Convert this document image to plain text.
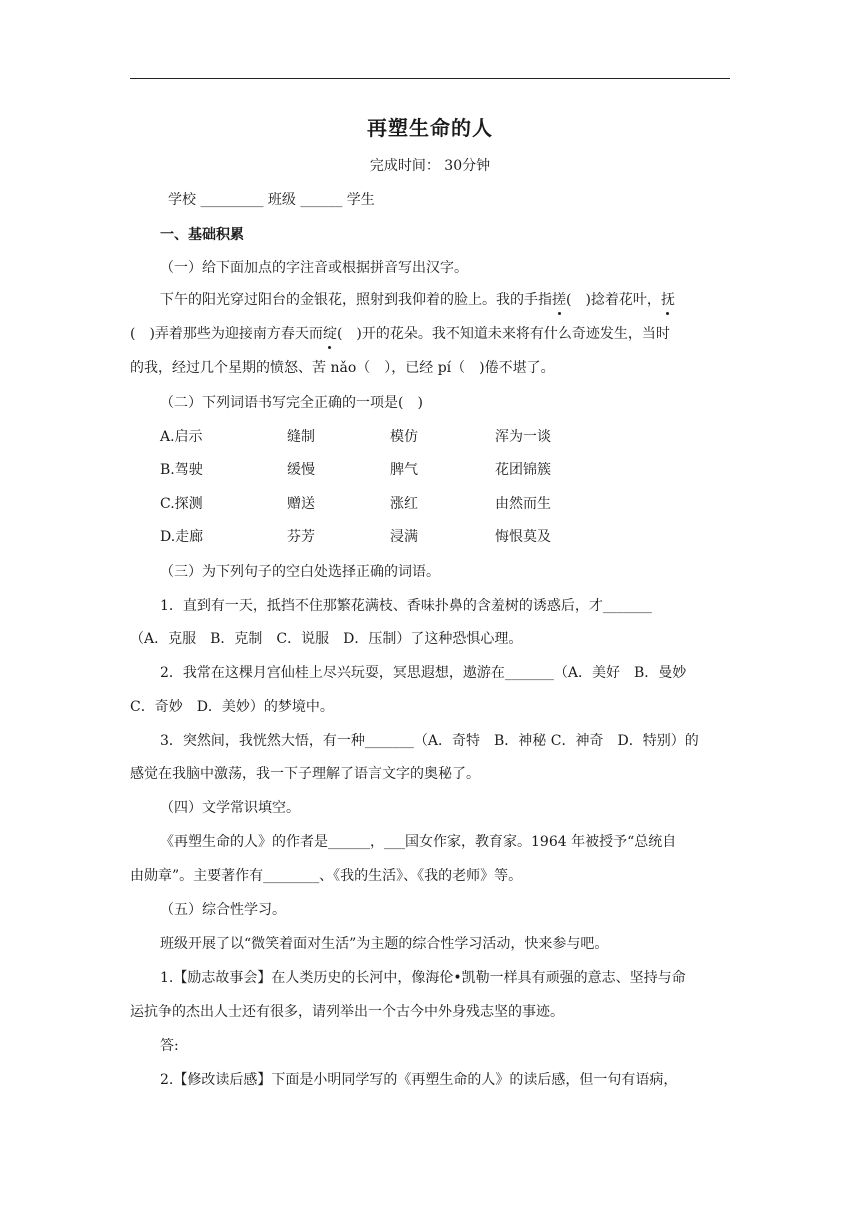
再塑生命的人
完成时间： 30分钟
学校 _________ 班级 ______ 学生
一、基础积累
（一）给下面加点的字注音或根据拼音写出汉字。
下午的阳光穿过阳台的金银花，照射到我仰着的脸上。我的手指搓(　)捻着花叶，抚
(　)弄着那些为迎接南方春天而绽(　)开的花朵。我不知道未来将有什么奇迹发生，当时
的我，经过几个星期的愤怒、苦 nǎo（　），已经 pí（　)倦不堪了。
（二）下列词语书写完全正确的一项是(　)
A.启示	缝制	模仿	浑为一谈
B.驾驶	缓慢	脾气	花团锦簇
C.探测	赠送	涨红	由然而生
D.走廊	芬芳	浸满	悔恨莫及
（三）为下列句子的空白处选择正确的词语。
1．直到有一天，抵挡不住那繁花满枝、香味扑鼻的含羞树的诱惑后，才_______
（A．克服　B．克制　C．说服　D．压制）了这种恐惧心理。
2．我常在这棵月宫仙桂上尽兴玩耍，冥思遐想，遨游在_______（A．美好　B．曼妙
C．奇妙　D．美妙）的梦境中。
3．突然间，我恍然大悟，有一种_______（A．奇特　B．神秘 C．神奇　D．特别）的
感觉在我脑中激荡，我一下子理解了语言文字的奥秘了。
（四）文学常识填空。
《再塑生命的人》的作者是______，___国女作家，教育家。1964 年被授予“总统自
由勋章”。主要著作有________、《我的生活》、《我的老师》等。
（五）综合性学习。
班级开展了以“微笑着面对生活”为主题的综合性学习活动，快来参与吧。
1.【励志故事会】在人类历史的长河中，像海伦•凯勒一样具有顽强的意志、坚持与命
运抗争的杰出人士还有很多，请列举出一个古今中外身残志坚的事迹。
答:
2.【修改读后感】下面是小明同学写的《再塑生命的人》的读后感，但一句有语病，
